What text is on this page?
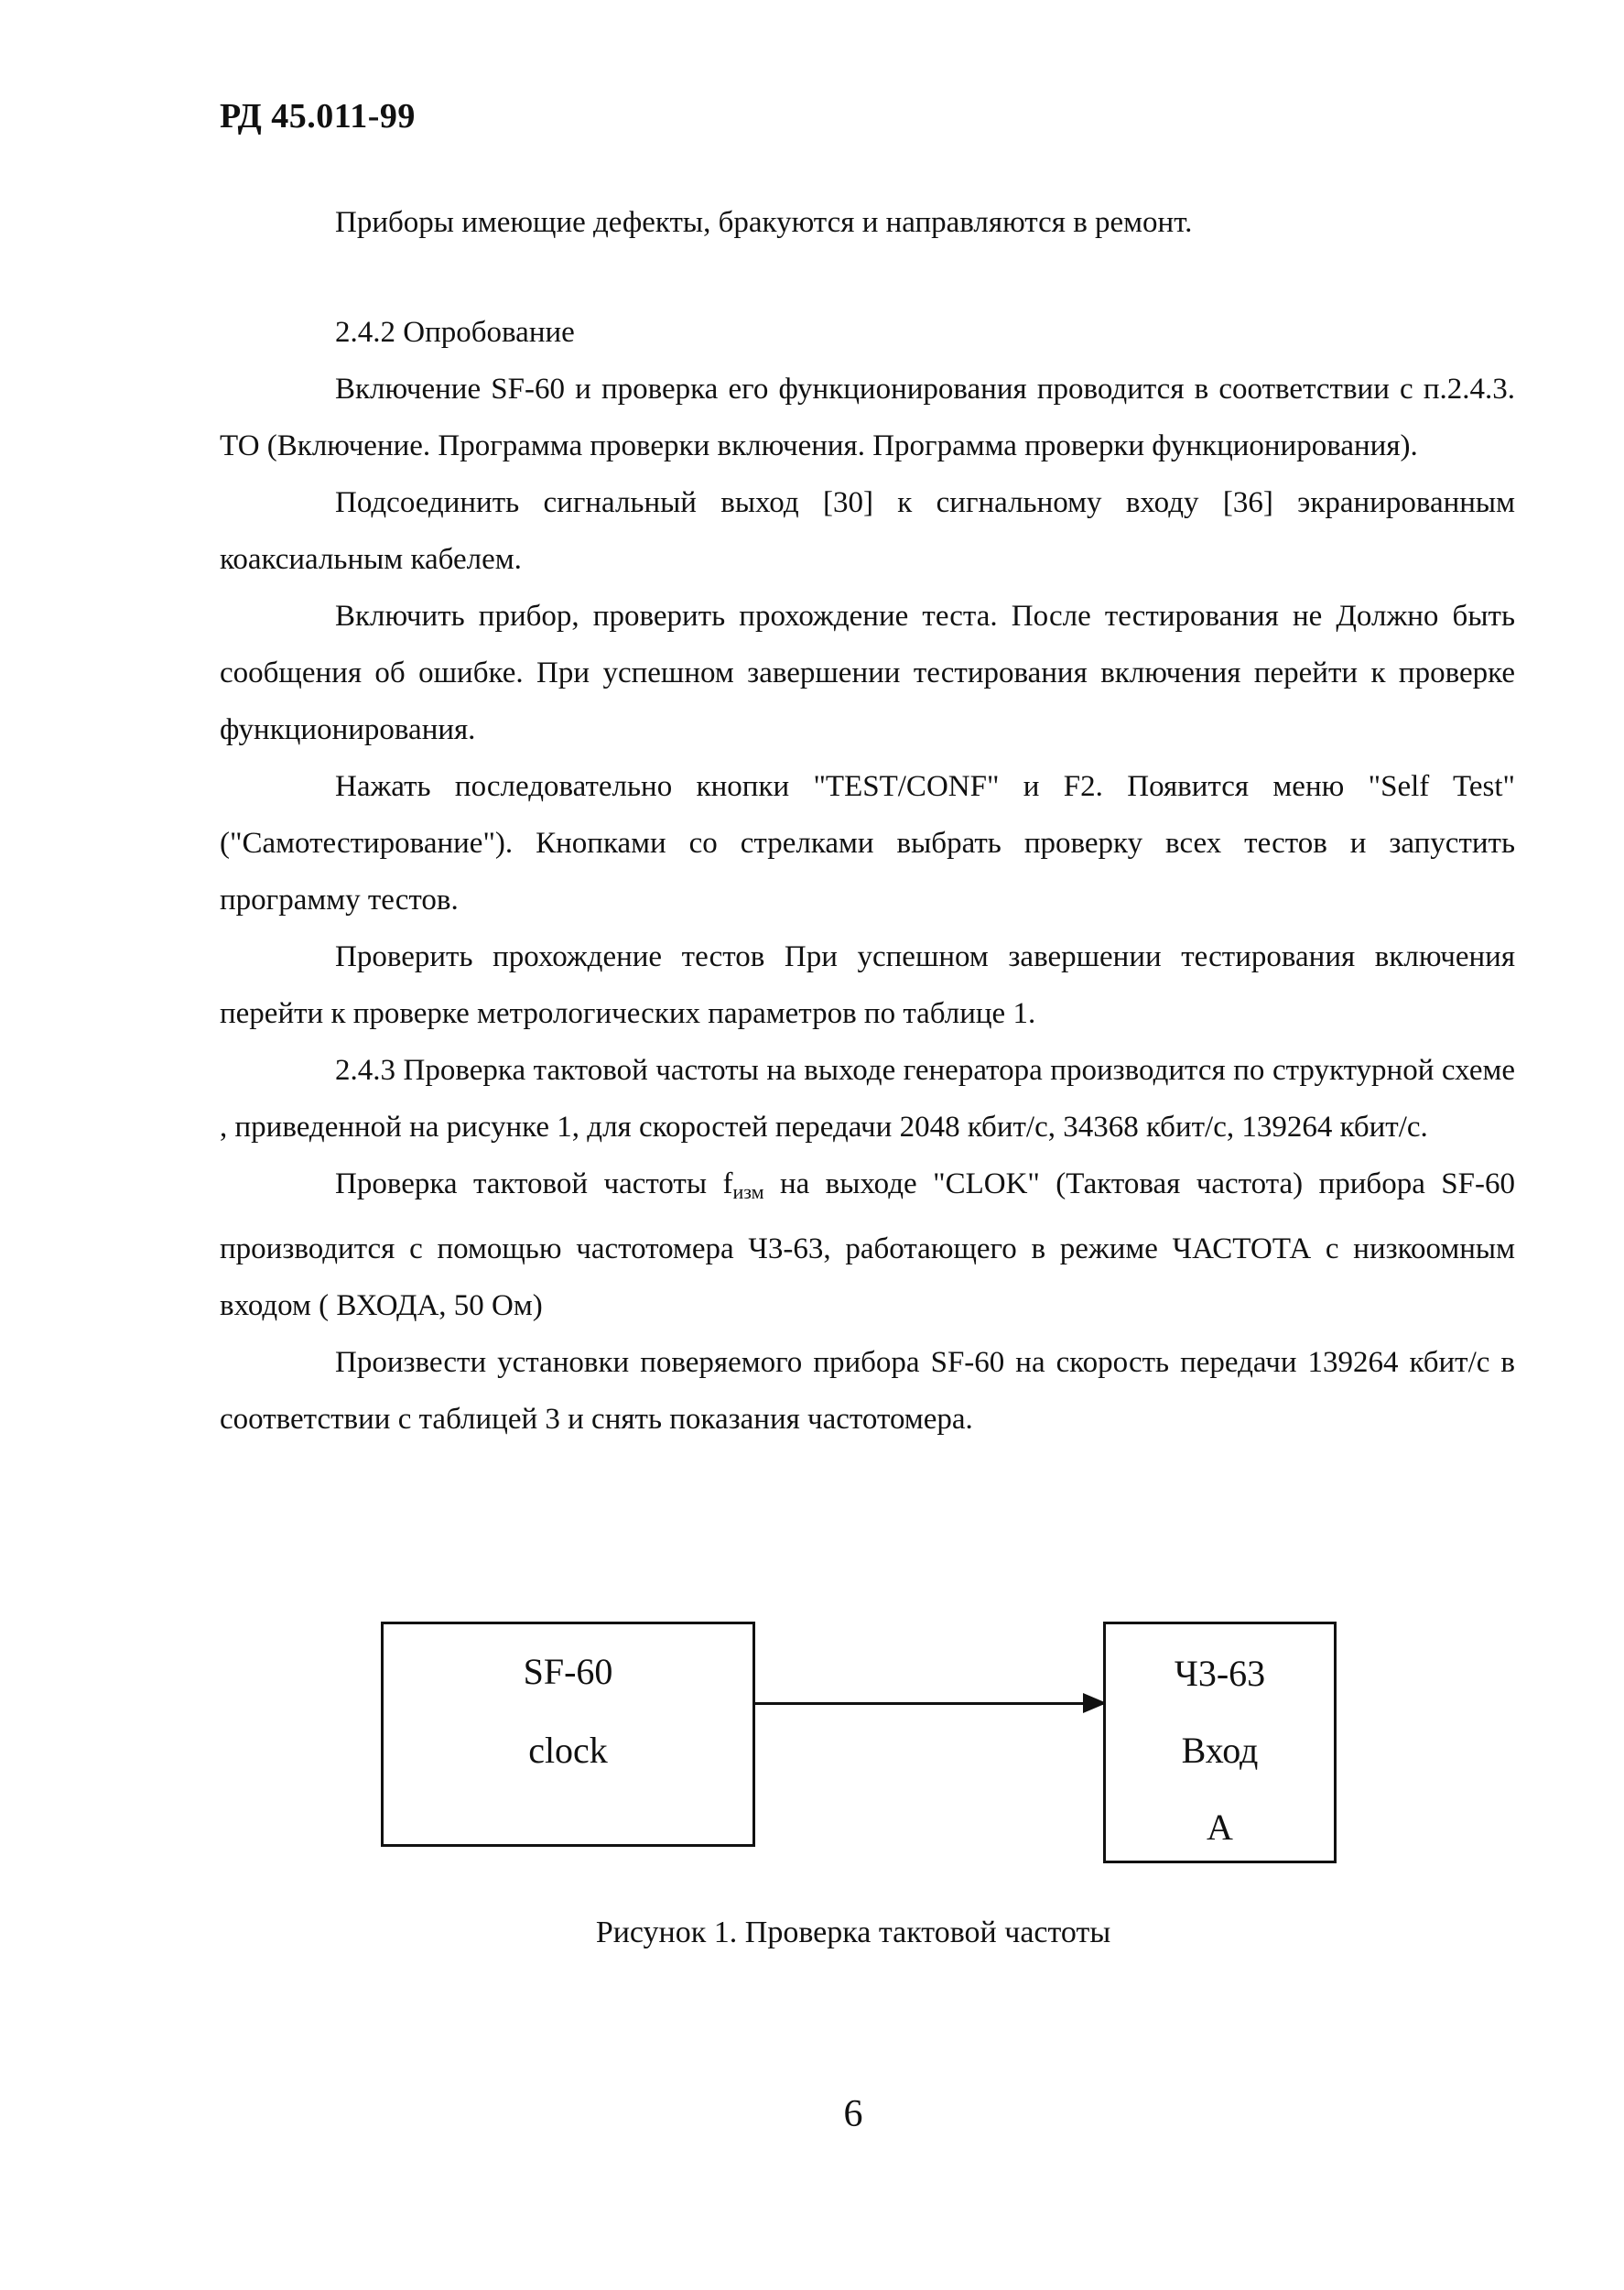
РД 45.011-99

Приборы имеющие дефекты, бракуются и направляются в ремонт.

2.4.2 Опробование

Включение SF-60 и проверка его функционирования проводится в соответствии с п.2.4.3. ТО (Включение. Программа проверки включения. Программа проверки функционирования).

Подсоединить сигнальный выход [30] к сигнальному входу [36] экранированным коаксиальным кабелем.

Включить прибор, проверить прохождение теста. После тестирования не Должно быть сообщения об ошибке. При успешном завершении тестирования включения перейти к проверке функционирования.

Нажать последовательно кнопки "TEST/CONF" и F2. Появится меню "Self Test" ("Самотестирование"). Кнопками со стрелками выбрать проверку всех тестов и запустить программу тестов.

Проверить прохождение тестов При успешном завершении тестирования включения перейти к проверке метрологических параметров по таблице 1.

2.4.3 Проверка тактовой частоты на выходе генератора производится по структурной схеме , приведенной на рисунке 1, для скоростей передачи 2048 кбит/с, 34368 кбит/с, 139264 кбит/с.

Проверка тактовой частоты $f_{изм}$ на выходе "CLOK" (Тактовая частота) прибора SF-60 производится с помощью частотомера Ч3-63, работающего в режиме ЧАСТОТА с низкоомным входом ( ВХОДА, 50 Ом)

Произвести установки поверяемого прибора SF-60 на скорость передачи 139264 кбит/с в соответствии с таблицей 3 и снять показания частотомера.

SF-60
clock
Ч3-63
Вход
А
Рисунок 1. Проверка тактовой частоты
6
